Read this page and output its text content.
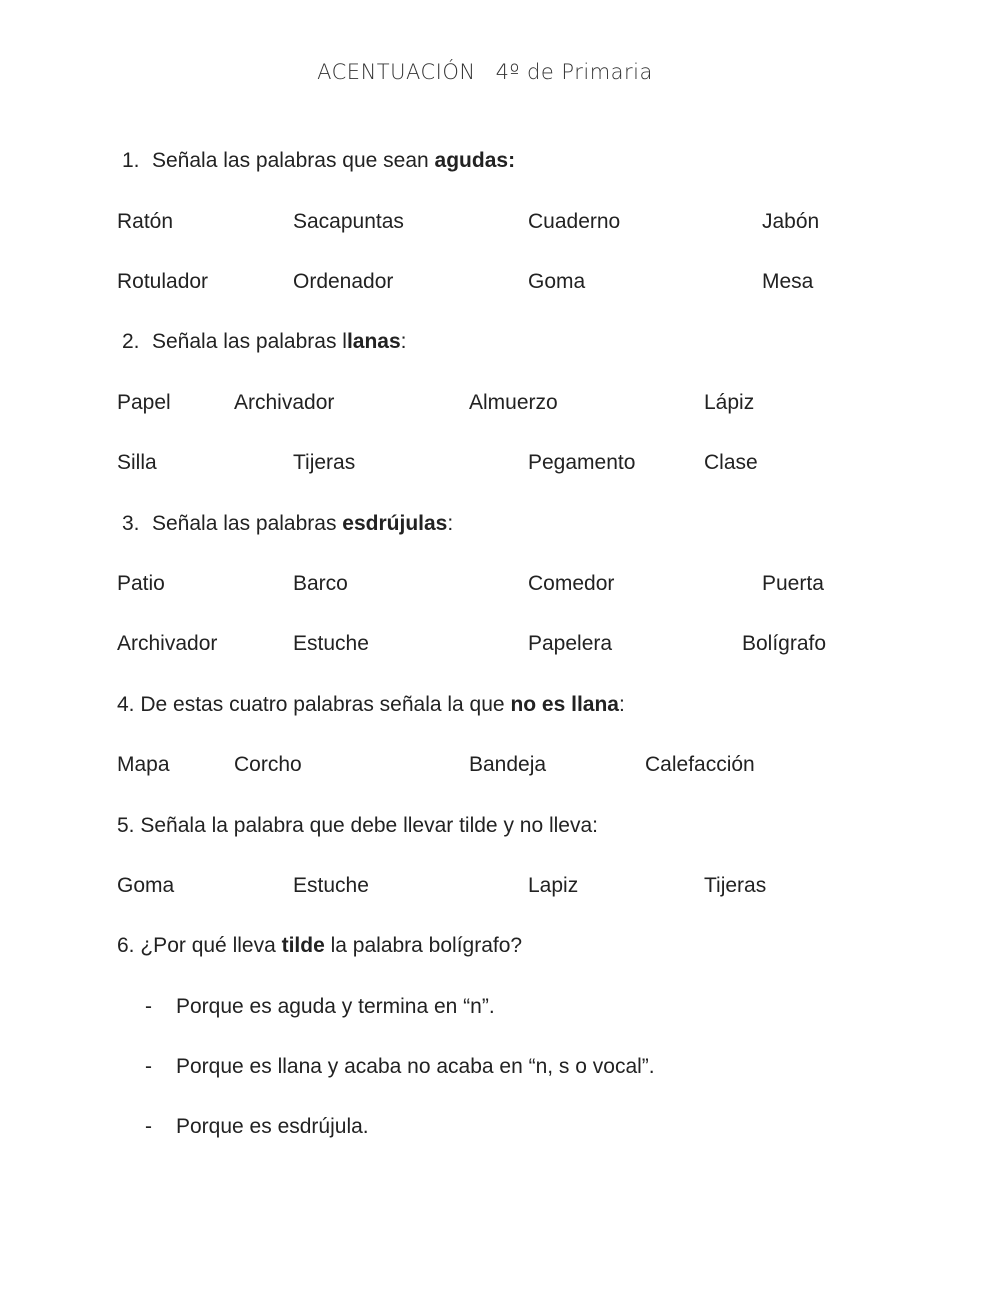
ACENTUACIÓN 4º de Primaria
1. Señala las palabras que sean agudas:
Ratón	Sacapuntas	Cuaderno	Jabón
Rotulador	Ordenador	Goma	Mesa
2. Señala las palabras llanas:
Papel	Archivador	Almuerzo	Lápiz
Silla	Tijeras	Pegamento	Clase
3. Señala las palabras esdrújulas:
Patio	Barco	Comedor	Puerta
Archivador	Estuche	Papelera	Bolígrafo
4. De estas cuatro palabras señala la que no es llana:
Mapa	Corcho	Bandeja	Calefacción
5. Señala la palabra que debe llevar tilde y no lleva:
Goma	Estuche	Lapiz	Tijeras
6. ¿Por qué lleva tilde la palabra bolígrafo?
- Porque es aguda y termina en “n”.
- Porque es llana y acaba no acaba en “n, s o vocal”.
- Porque es esdrújula.
